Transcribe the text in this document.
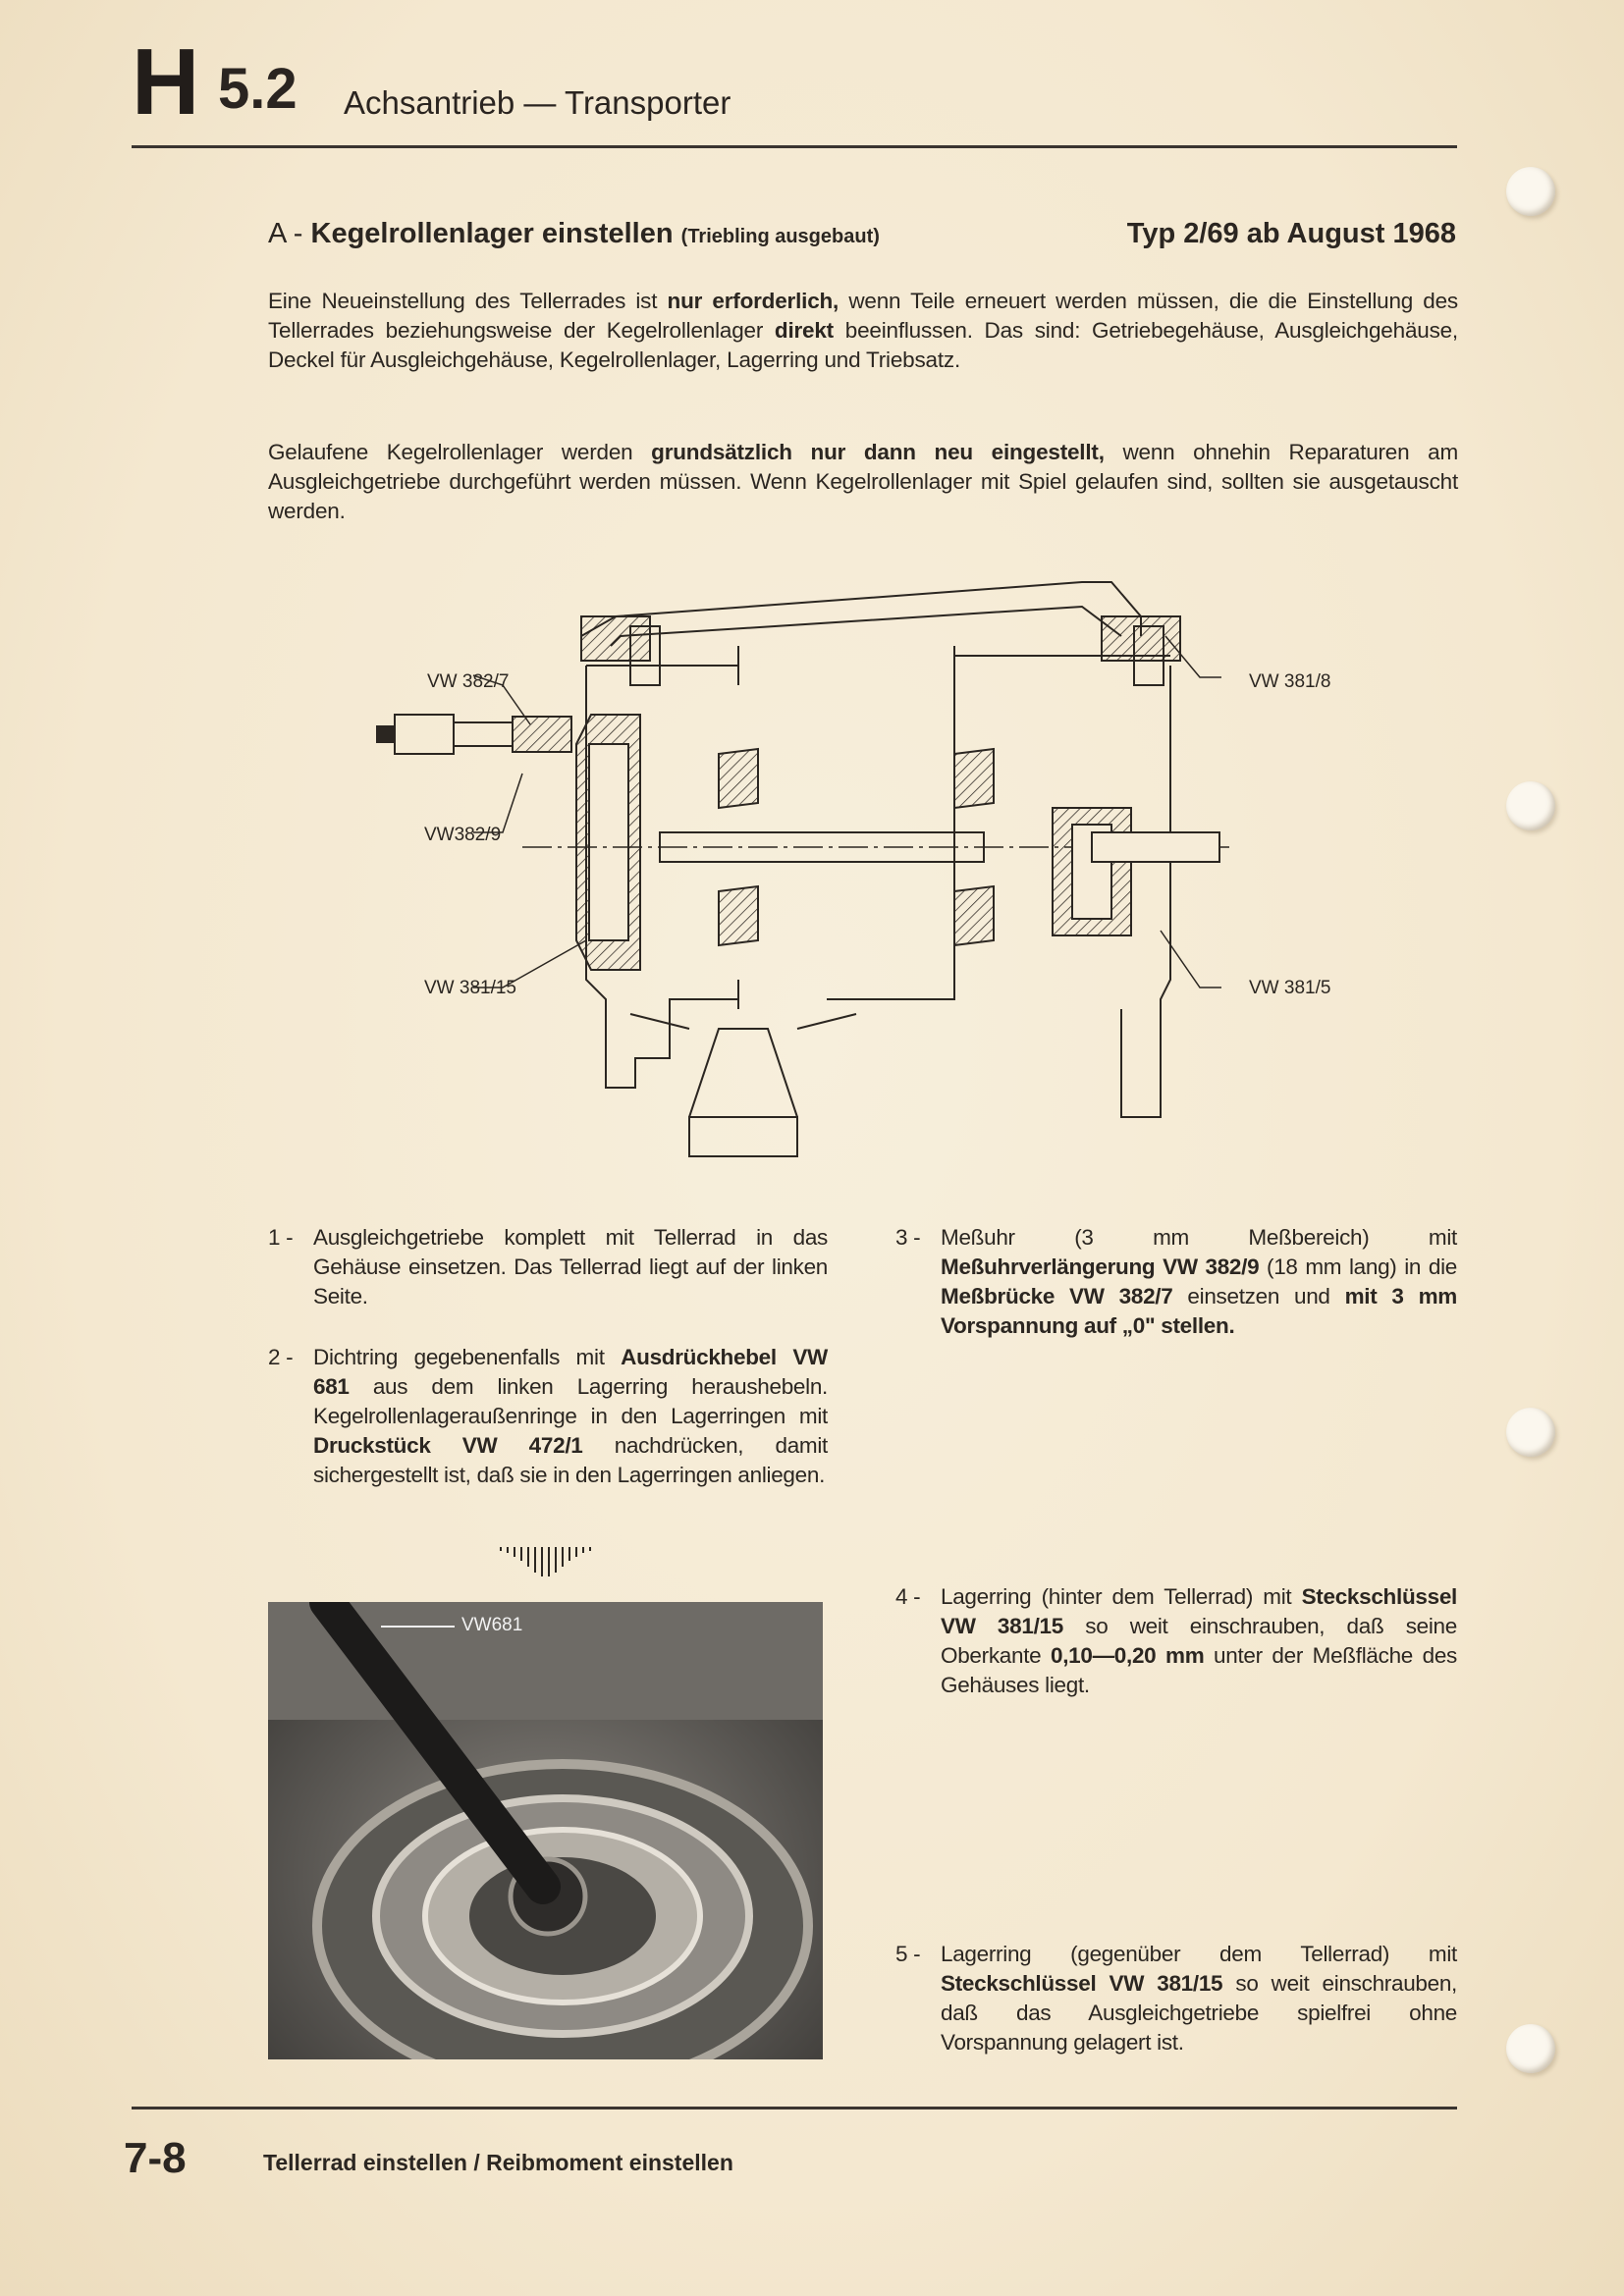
H 5.2 Achsantrieb — Transporter
A - Kegelrollenlager einstellen (Triebling ausgebaut)	Typ 2/69 ab August 1968
Eine Neueinstellung des Tellerrades ist nur erforderlich, wenn Teile erneuert werden müssen, die die Einstellung des Tellerrades beziehungsweise der Kegelrollenlager direkt beeinflussen. Das sind: Getriebegehäuse, Ausgleichgehäuse, Deckel für Ausgleichgehäuse, Kegelrollenlager, Lagerring und Triebsatz.
Gelaufene Kegelrollenlager werden grundsätzlich nur dann neu eingestellt, wenn ohnehin Reparaturen am Ausgleichgetriebe durchgeführt werden müssen. Wenn Kegelrollenlager mit Spiel gelaufen sind, sollten sie ausgetauscht werden.
VW 382/7	VW 381/8
VW382/9
VW 381/15	VW 381/5
1 - Ausgleichgetriebe komplett mit Tellerrad in das Gehäuse einsetzen. Das Tellerrad liegt auf der linken Seite.
2 - Dichtring gegebenenfalls mit Ausdrückhebel VW 681 aus dem linken Lagerring heraushebeln. Kegelrollenlageraußenringe in den Lagerringen mit Druckstück VW 472/1 nachdrücken, damit sichergestellt ist, daß sie in den Lagerringen anliegen.
3 - Meßuhr (3 mm Meßbereich) mit Meßuhrverlängerung VW 382/9 (18 mm lang) in die Meßbrücke VW 382/7 einsetzen und mit 3 mm Vorspannung auf „0" stellen.
4 - Lagerring (hinter dem Tellerrad) mit Steckschlüssel VW 381/15 so weit einschrauben, daß seine Oberkante 0,10—0,20 mm unter der Meßfläche des Gehäuses liegt.
5 - Lagerring (gegenüber dem Tellerrad) mit Steckschlüssel VW 381/15 so weit einschrauben, daß das Ausgleichgetriebe spielfrei ohne Vorspannung gelagert ist.
VW681
7-8	Tellerrad einstellen / Reibmoment einstellen
